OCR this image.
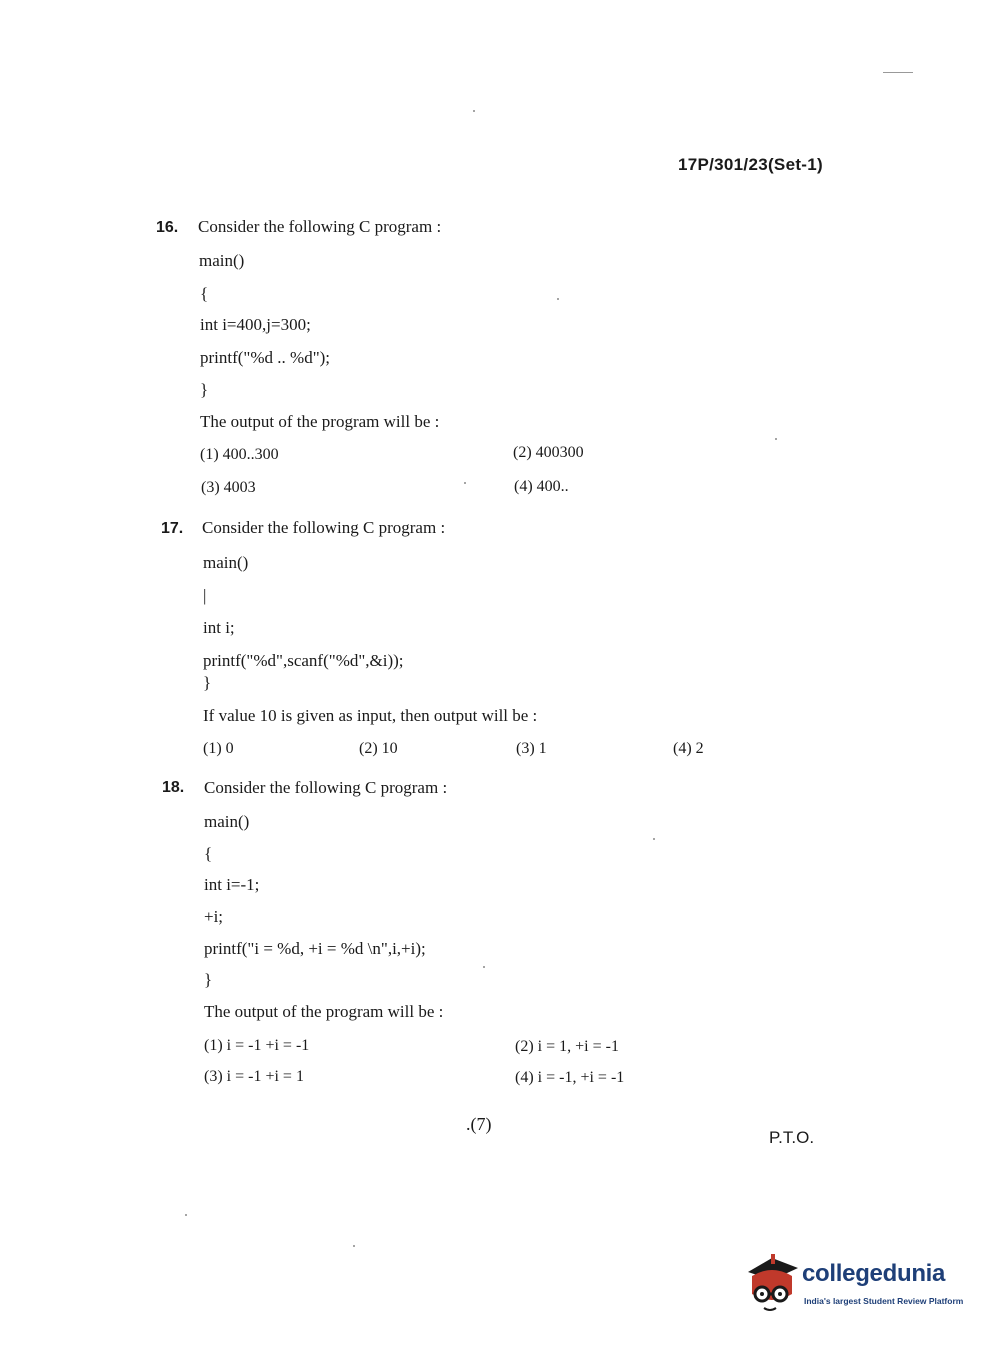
17P/301/23(Set-1)
16. Consider the following C program :
main()
{
int i=400,j=300;
printf("%d .. %d");
}
The output of the program will be :
(1) 400..300	(2) 400300
(3) 4003	(4) 400..
17. Consider the following C program :
main()
|
int i;
printf("%d",scanf("%d",&i));
}
If value 10 is given as input, then output will be :
(1) 0	(2) 10	(3) 1	(4) 2
18. Consider the following C program :
main()
{
int i=-1;
+i;
printf("i = %d, +i = %d \n",i,+i);
}
The output of the program will be :
(1) i = -1 +i = -1	(2) i = 1, +i = -1
(3) i = -1 +i = 1	(4) i = -1, +i = -1
.(7)
P.T.O.
collegedunia
India's largest Student Review Platform
